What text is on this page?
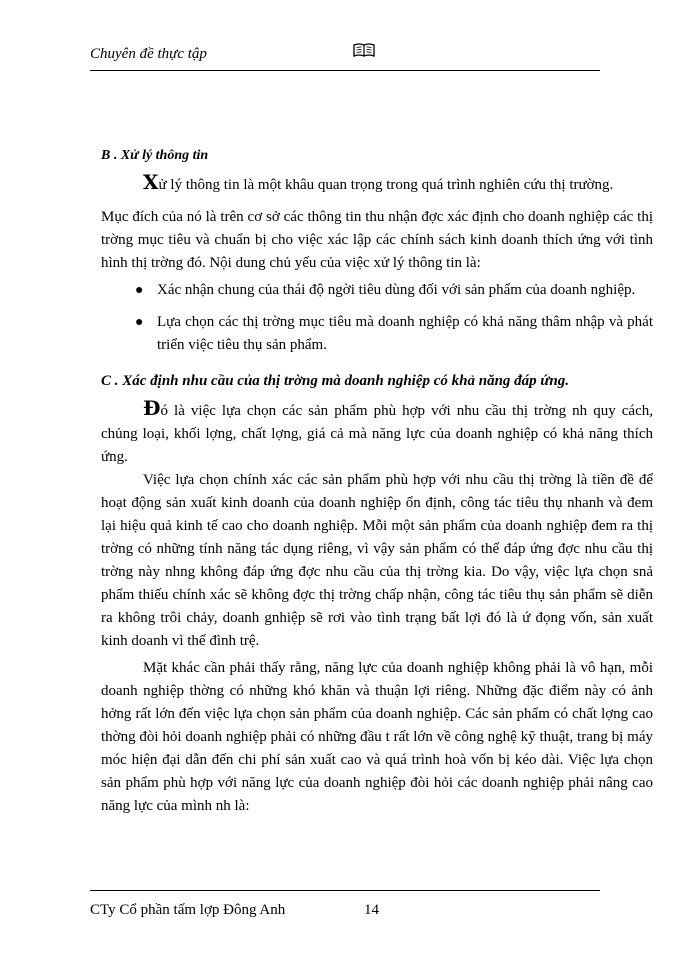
Chuyên đề thực tập
B . Xử lý thông tin

Xử lý thông tin là một khâu quan trọng trong quá trình nghiên cứu thị trường.

Mục đích của nó là trên cơ sở các thông tin thu nhận đợc xác định cho doanh nghiệp các thị trờng mục tiêu và chuẩn bị cho việc xác lập các chính sách kinh doanh thích ứng với tình hình thị trờng đó. Nội dung chủ yếu của việc xử lý thông tin là:

● Xác nhận chung của thái độ ngời tiêu dùng đối với sản phẩm của doanh nghiệp.
● Lựa chọn các thị trờng mục tiêu mà doanh nghiệp có khả năng thâm nhập và phát triển việc tiêu thụ sản phẩm.
C . Xác định nhu cầu của thị trờng mà doanh nghiệp có khả năng đáp ứng.

Đó là việc lựa chọn các sản phẩm phù hợp với nhu cầu thị trờng nh quy cách, chủng loại, khối lợng, chất lợng, giá cả mà năng lực của doanh nghiệp có khả năng thích ứng.

Việc lựa chọn chính xác các sản phẩm phù hợp với nhu cầu thị trờng là tiền đề để hoạt động sản xuất kinh doanh của doanh nghiệp ổn định, công tác tiêu thụ nhanh và đem lại hiệu quả kinh tế cao cho doanh nghiệp. Mỗi một sản phẩm của doanh nghiệp đem ra thị trờng có những tính năng tác dụng riêng, vì vậy sản phẩm có thể đáp ứng đợc nhu cầu thị trờng này nhng không đáp ứng đợc nhu cầu của thị trờng kia. Do vậy, việc lựa chọn snả phẩm thiếu chính xác sẽ không đợc thị trờng chấp nhận, công tác tiêu thụ sản phẩm sẽ diễn ra không trôi chảy, doanh gnhiệp sẽ rơi vào tình trạng bất lợi đó là ứ đọng vốn, sản xuất kinh doanh vì thế đình trệ.

Mặt khác cần phải thấy rằng, năng lực của doanh nghiệp không phải là vô hạn, mỗi doanh nghiệp thờng có những khó khăn và thuận lợi riêng. Những đặc điểm này có ảnh hởng rất lớn đến việc lựa chọn sản phẩm của doanh nghiệp. Các sản phẩm có chất lợng cao thờng đòi hỏi doanh nghiệp phải có những đầu t rất lớn về công nghệ kỹ thuật, trang bị máy móc hiện đại dẫn đến chi phí sản xuất cao và quá trình hoà vốn bị kéo dài. Việc lựa chọn sản phẩm phù hợp với năng lực của doanh nghiệp đòi hỏi các doanh nghiệp phải nâng cao năng lực của mình nh là:

CTy Cổ phần tấm lợp Đông Anh	14
